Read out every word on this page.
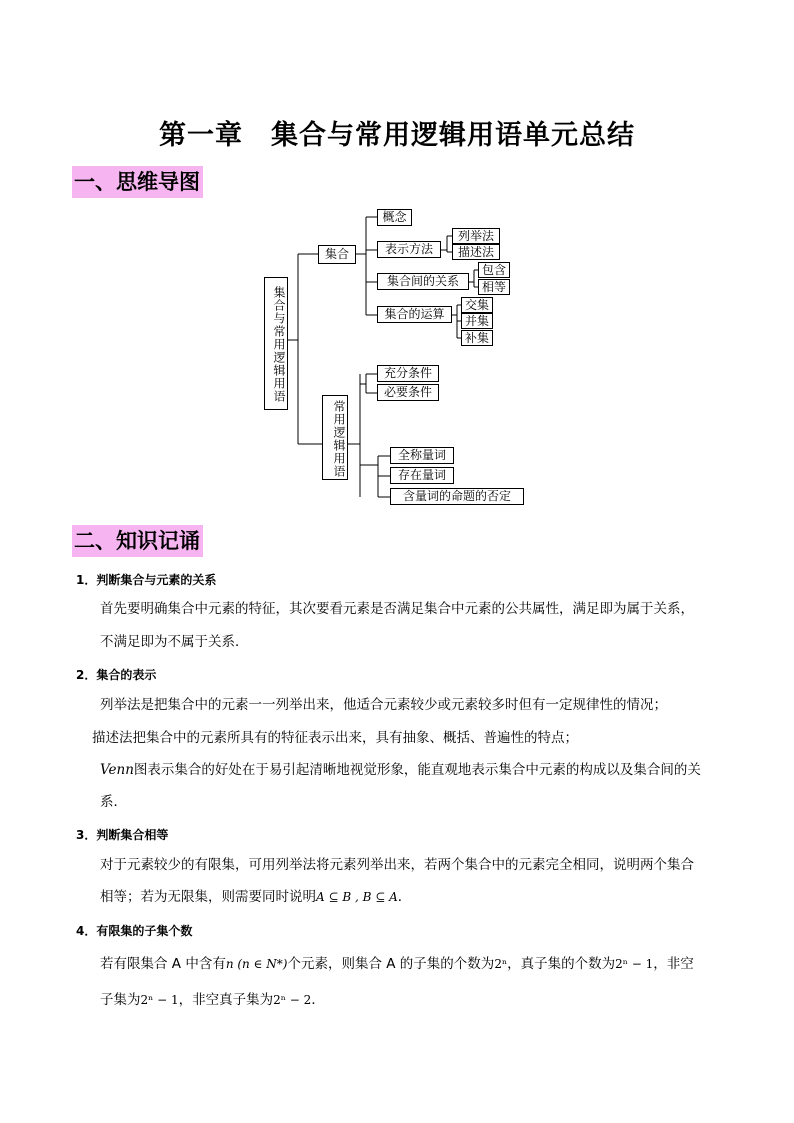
第一章　集合与常用逻辑用语单元总结
一、思维导图
集合与常用逻辑用语
集合
概念
表示方法
列举法
描述法
集合间的关系
包含
相等
集合的运算
交集
并集
补集
常用逻辑用语
充分条件
必要条件
全称量词
存在量词
含量词的命题的否定
二、知识记诵
1．判断集合与元素的关系
首先要明确集合中元素的特征，其次要看元素是否满足集合中元素的公共属性，满足即为属于关系，
不满足即为不属于关系．
2．集合的表示
列举法是把集合中的元素一一列举出来，他适合元素较少或元素较多时但有一定规律性的情况；
描述法把集合中的元素所具有的特征表示出来，具有抽象、概括、普遍性的特点；
Venn图表示集合的好处在于易引起清晰地视觉形象，能直观地表示集合中元素的构成以及集合间的关
系．
3．判断集合相等
对于元素较少的有限集，可用列举法将元素列举出来，若两个集合中的元素完全相同，说明两个集合
相等；若为无限集，则需要同时说明A ⊆ B , B ⊆ A．
4．有限集的子集个数
若有限集合 A 中含有n (n ∈ N*)个元素，则集合 A 的子集的个数为2ⁿ，真子集的个数为2ⁿ − 1，非空
子集为2ⁿ − 1，非空真子集为2ⁿ − 2．
